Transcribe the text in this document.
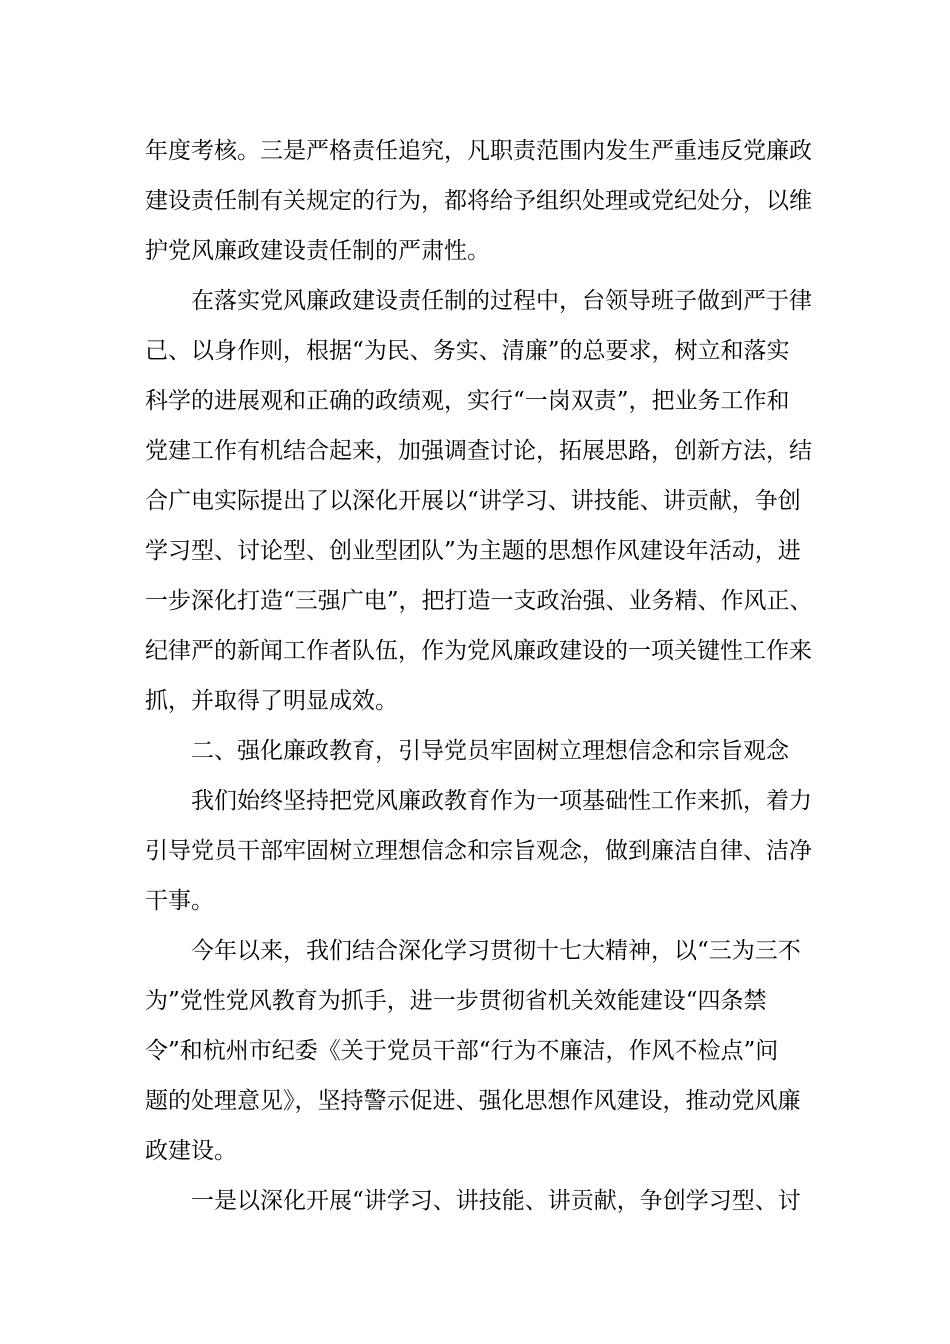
年度考核。三是严格责任追究，凡职责范围内发生严重违反党廉政
建设责任制有关规定的行为，都将给予组织处理或党纪处分，以维
护党风廉政建设责任制的严肃性。
在落实党风廉政建设责任制的过程中，台领导班子做到严于律
己、以身作则，根据“为民、务实、清廉”的总要求，树立和落实
科学的进展观和正确的政绩观，实行“一岗双责”，把业务工作和
党建工作有机结合起来，加强调查讨论，拓展思路，创新方法，结
合广电实际提出了以深化开展以“讲学习、讲技能、讲贡献，争创
学习型、讨论型、创业型团队”为主题的思想作风建设年活动，进
一步深化打造“三强广电”，把打造一支政治强、业务精、作风正、
纪律严的新闻工作者队伍，作为党风廉政建设的一项关键性工作来
抓，并取得了明显成效。
二、强化廉政教育，引导党员牢固树立理想信念和宗旨观念
我们始终坚持把党风廉政教育作为一项基础性工作来抓，着力
引导党员干部牢固树立理想信念和宗旨观念，做到廉洁自律、洁净
干事。
今年以来，我们结合深化学习贯彻十七大精神，以“三为三不
为”党性党风教育为抓手，进一步贯彻省机关效能建设“四条禁
令”和杭州市纪委《关于党员干部“行为不廉洁，作风不检点”问
题的处理意见》，坚持警示促进、强化思想作风建设，推动党风廉
政建设。
一是以深化开展“讲学习、讲技能、讲贡献，争创学习型、讨
